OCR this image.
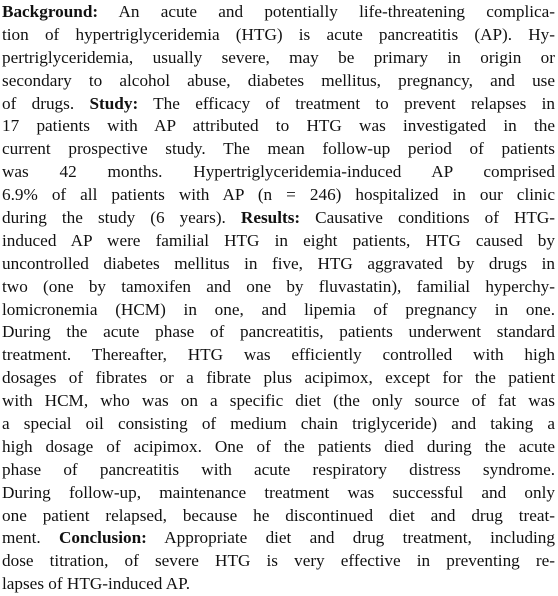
Background: An acute and potentially life-threatening complica-
tion of hypertriglyceridemia (HTG) is acute pancreatitis (AP). Hy-
pertriglyceridemia, usually severe, may be primary in origin or
secondary to alcohol abuse, diabetes mellitus, pregnancy, and use
of drugs. Study: The efficacy of treatment to prevent relapses in
17 patients with AP attributed to HTG was investigated in the
current prospective study. The mean follow-up period of patients
was 42 months. Hypertriglyceridemia-induced AP comprised
6.9% of all patients with AP (n = 246) hospitalized in our clinic
during the study (6 years). Results: Causative conditions of HTG-
induced AP were familial HTG in eight patients, HTG caused by
uncontrolled diabetes mellitus in five, HTG aggravated by drugs in
two (one by tamoxifen and one by fluvastatin), familial hyperchy-
lomicronemia (HCM) in one, and lipemia of pregnancy in one.
During the acute phase of pancreatitis, patients underwent standard
treatment. Thereafter, HTG was efficiently controlled with high
dosages of fibrates or a fibrate plus acipimox, except for the patient
with HCM, who was on a specific diet (the only source of fat was
a special oil consisting of medium chain triglyceride) and taking a
high dosage of acipimox. One of the patients died during the acute
phase of pancreatitis with acute respiratory distress syndrome.
During follow-up, maintenance treatment was successful and only
one patient relapsed, because he discontinued diet and drug treat-
ment. Conclusion: Appropriate diet and drug treatment, including
dose titration, of severe HTG is very effective in preventing re-
lapses of HTG-induced AP.
